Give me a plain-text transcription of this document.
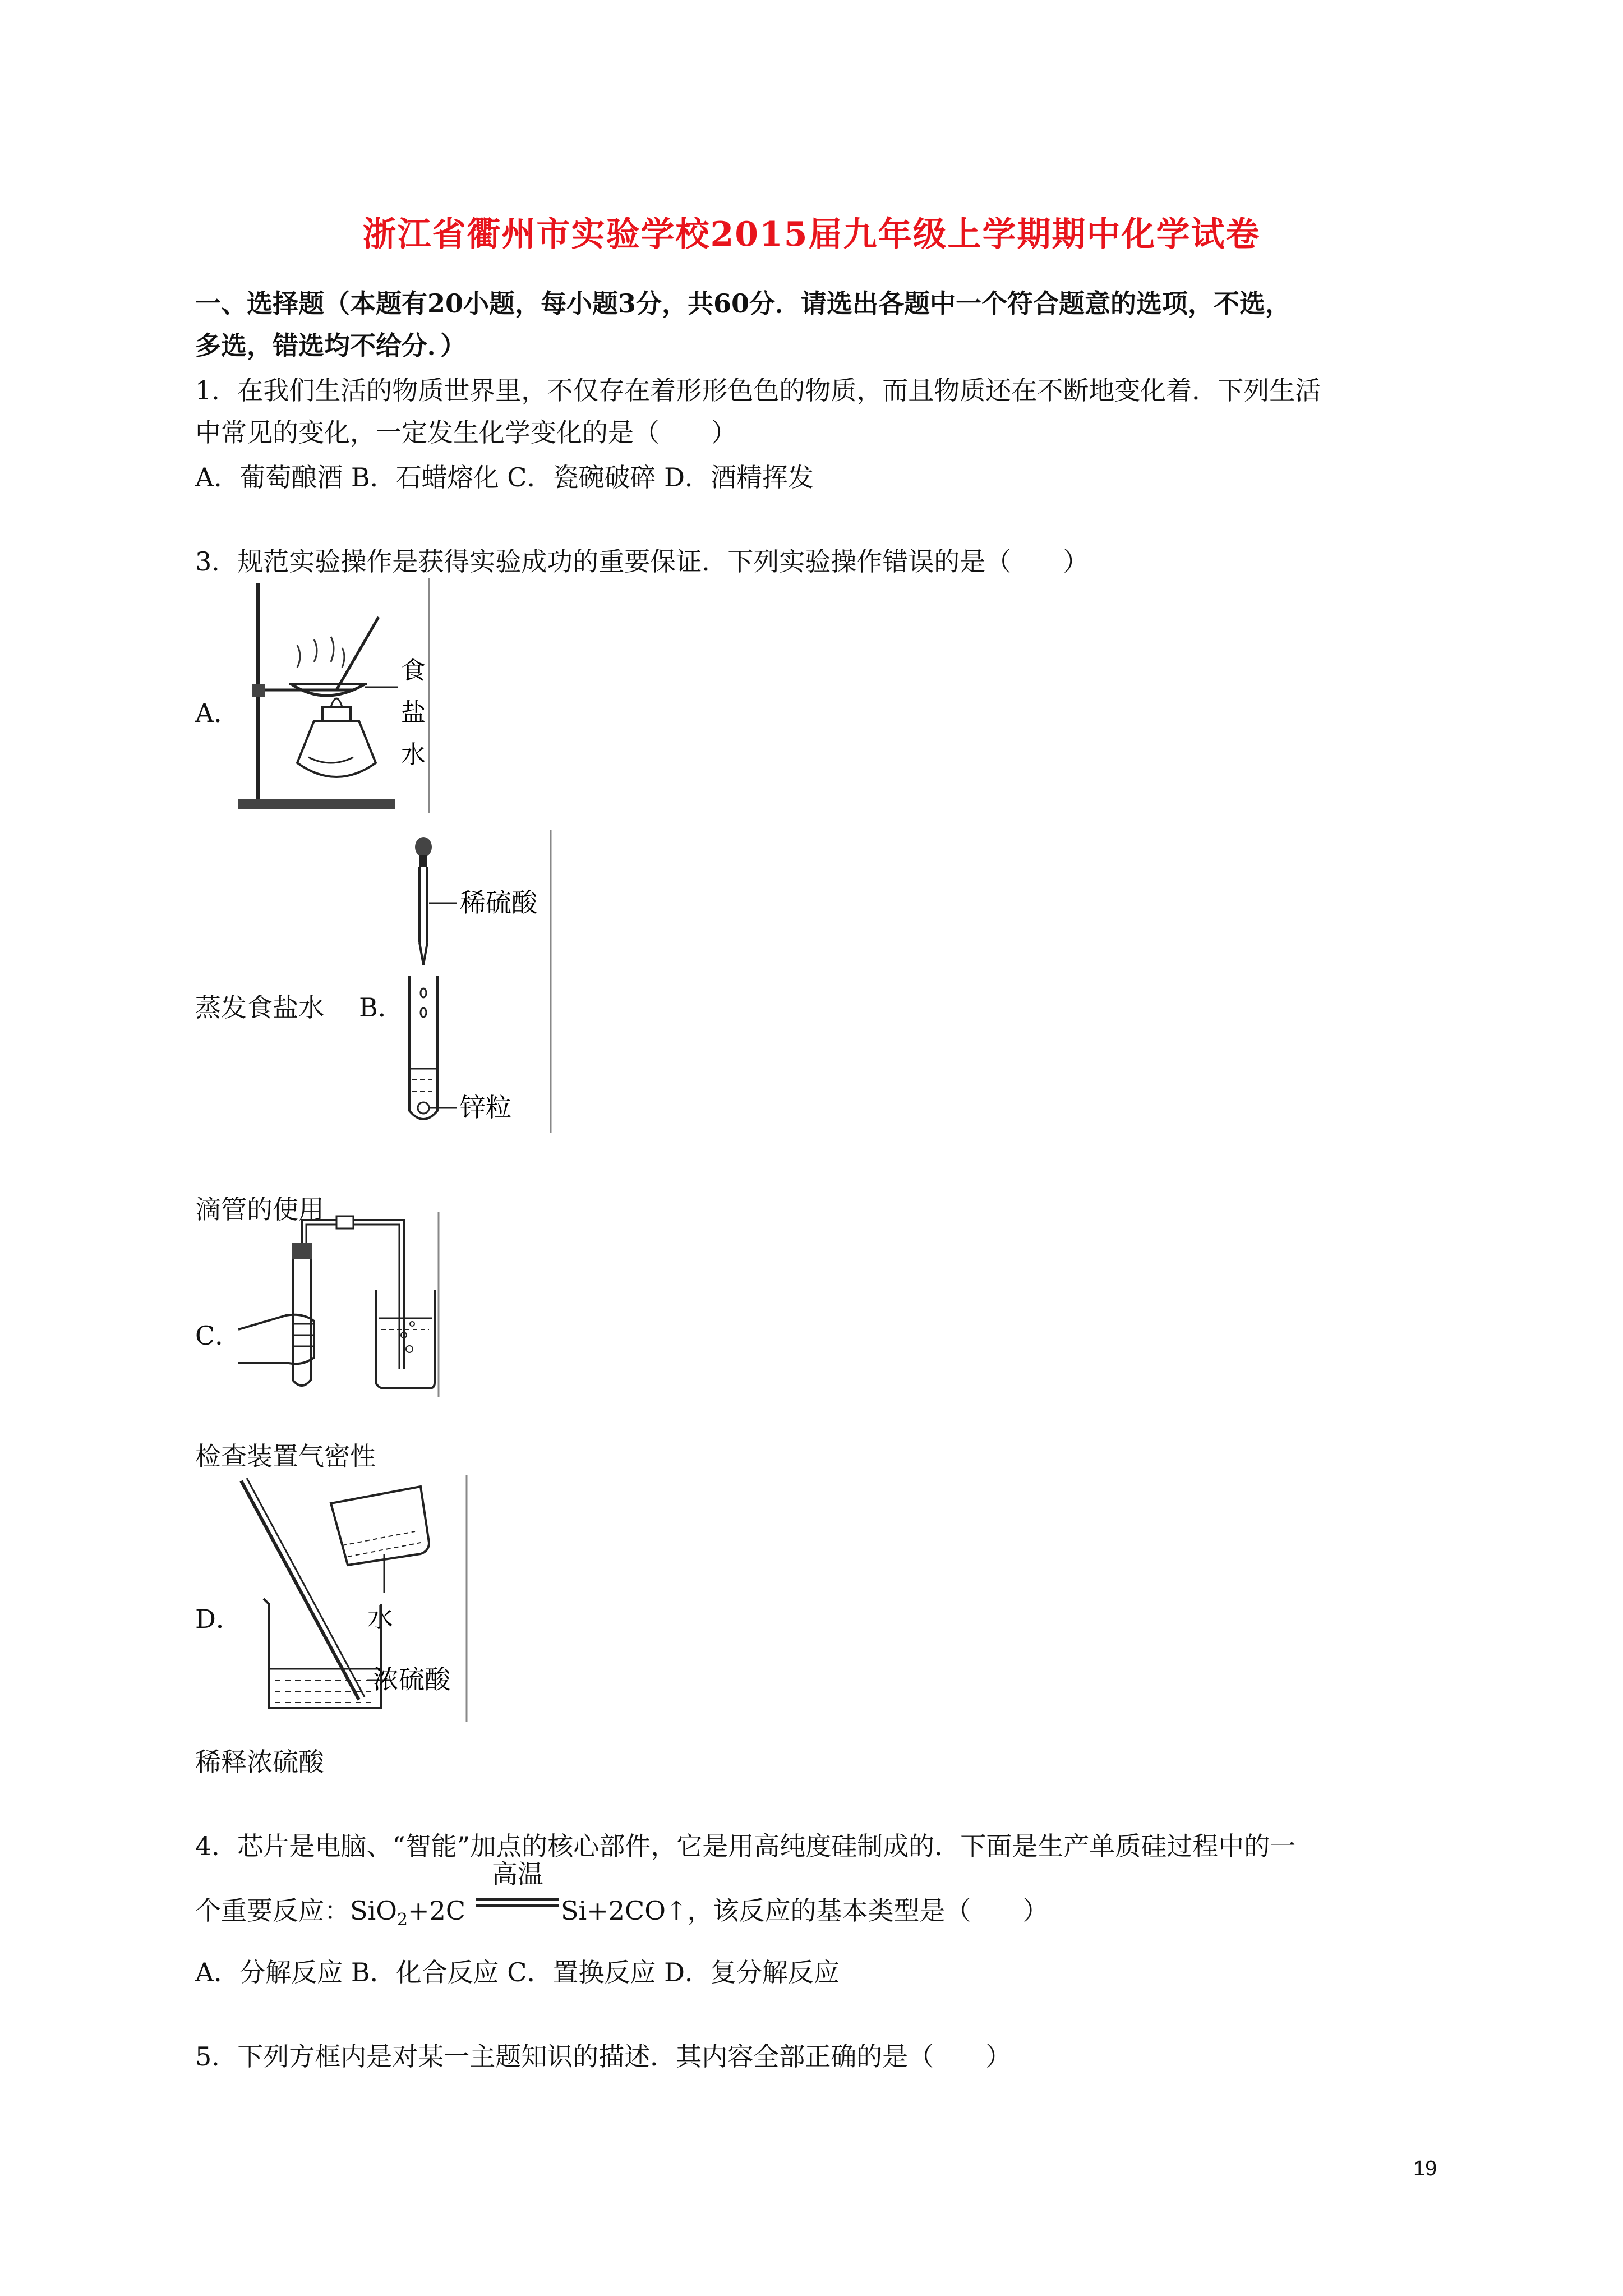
浙江省衢州市实验学校2015届九年级上学期期中化学试卷
一、选择题（本题有20小题，每小题3分，共60分．请选出各题中一个符合题意的选项，不选，
多选，错选均不给分．）
1．在我们生活的物质世界里，不仅存在着形形色色的物质，而且物质还在不断地变化着．下列生活
中常见的变化，一定发生化学变化的是（　　）
A．葡萄酿酒 B．石蜡熔化 C．瓷碗破碎 D．酒精挥发
3．规范实验操作是获得实验成功的重要保证．下列实验操作错误的是（　　）
A．
食
盐
水
蒸发食盐水 B．
稀硫酸
锌粒
滴管的使用
C．
检查装置气密性
D．	水
浓硫酸
稀释浓硫酸
4．芯片是电脑、“智能”加点的核心部件，它是用高纯度硅制成的．下面是生产单质硅过程中的一
个重要反应：SiO$_2$+2C
高温
Si+2CO↑，该反应的基本类型是（　　）
A．分解反应 B．化合反应 C．置换反应 D．复分解反应
5．下列方框内是对某一主题知识的描述．其内容全部正确的是（　　）
19
